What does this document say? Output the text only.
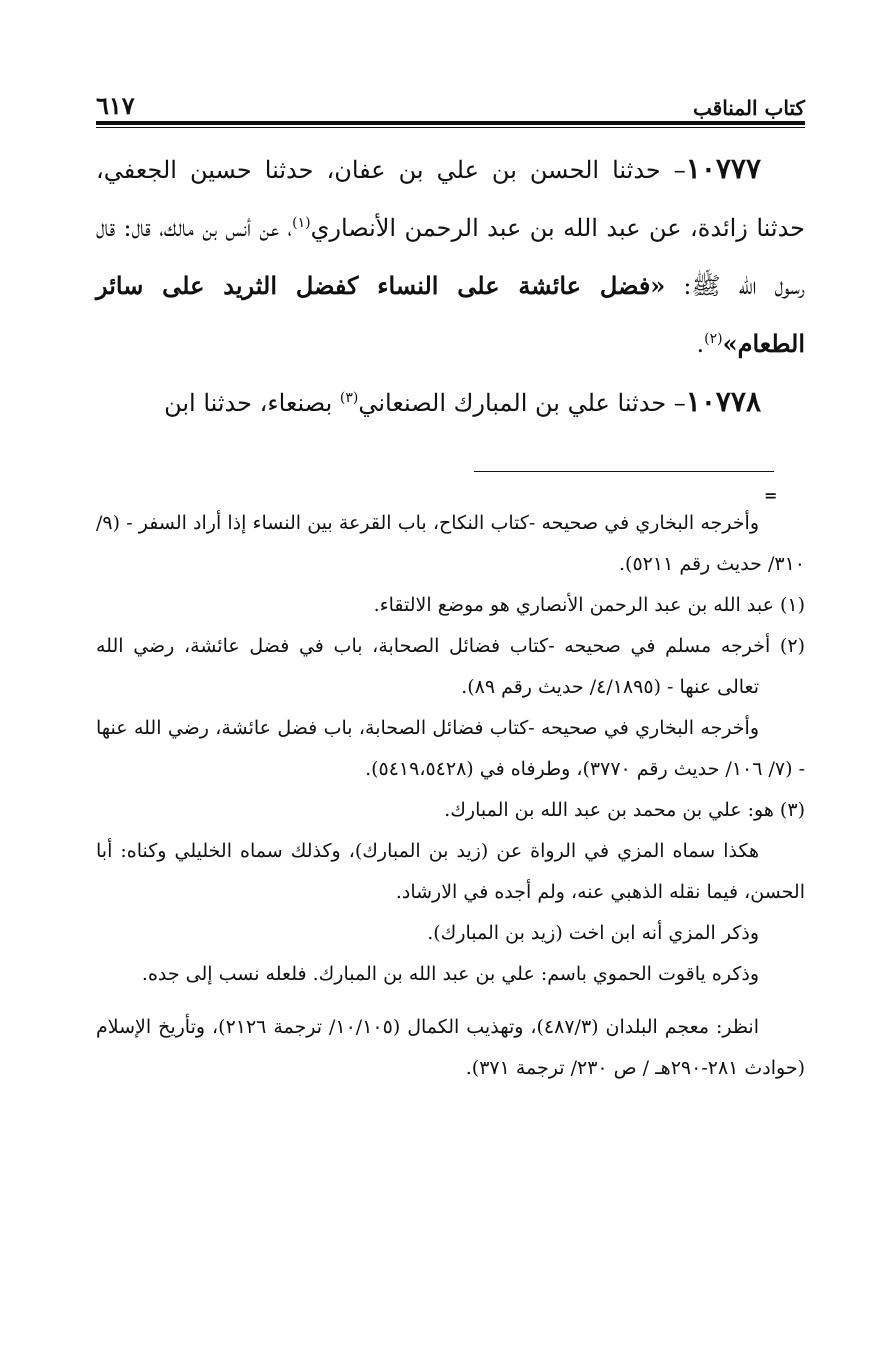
كتاب المناقب
٦١٧

١٠٧٧٧– حدثنا الحسن بن علي بن عفان، حدثنا حسين الجعفي، حدثنا زائدة، عن عبد الله بن عبد الرحمن الأنصاري$^{(١)}$، عن أنس بن مالك، قال: قال رسول الله ﷺ: «فضل عائشة على النساء كفضل الثريد على سائر الطعام»$^{(٢)}$.

١٠٧٧٨– حدثنا علي بن المبارك الصنعاني$^{(٣)}$ بصنعاء، حدثنا ابن

=

وأخرجه البخاري في صحيحه -كتاب النكاح، باب القرعة بين النساء إذا أراد السفر - (٩/ ٣١٠/ حديث رقم ٥٢١١).

(١) عبد الله بن عبد الرحمن الأنصاري هو موضع الالتقاء.

(٢) أخرجه مسلم في صحيحه -كتاب فضائل الصحابة، باب في فضل عائشة، رضي الله تعالى عنها - (٤/١٨٩٥/ حديث رقم ٨٩).

وأخرجه البخاري في صحيحه -كتاب فضائل الصحابة، باب فضل عائشة، رضي الله عنها - (٧/ ١٠٦/ حديث رقم ٣٧٧٠)، وطرفاه في (٥٤١٩،٥٤٢٨).

(٣) هو: علي بن محمد بن عبد الله بن المبارك.

هكذا سماه المزي في الرواة عن (زيد بن المبارك)، وكذلك سماه الخليلي وكناه: أبا الحسن، فيما نقله الذهبي عنه، ولم أجده في الارشاد.

وذكر المزي أنه ابن اخت (زيد بن المبارك).

وذكره ياقوت الحموي باسم: علي بن عبد الله بن المبارك. فلعله نسب إلى جده.

انظر: معجم البلدان (٤٨٧/٣)، وتهذيب الكمال (١٠/١٠٥/ ترجمة ٢١٢٦)، وتأريخ الإسلام (حوادث ٢٨١-٢٩٠هـ / ص ٢٣٠/ ترجمة ٣٧١).
